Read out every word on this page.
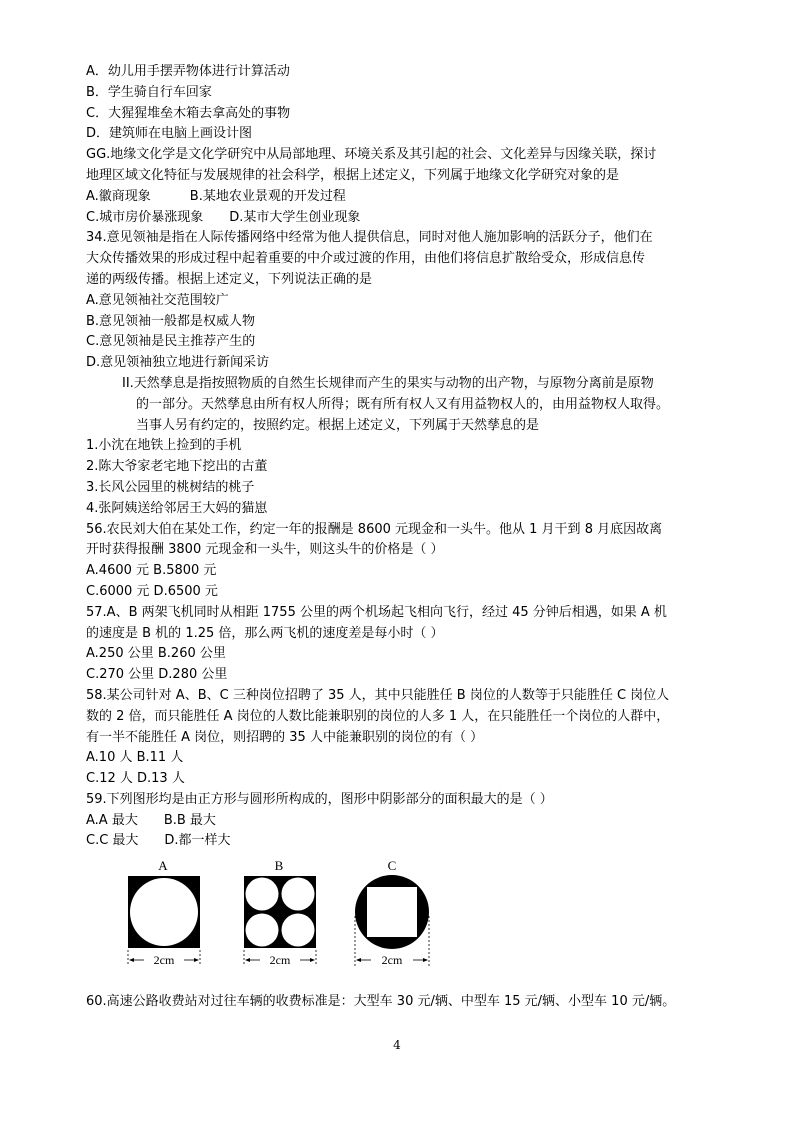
A．幼儿用手摆弄物体进行计算活动
B．学生骑自行车回家
C．大猩猩堆垒木箱去拿高处的事物
D．建筑师在电脑上画设计图
GG.地缘文化学是文化学研究中从局部地理、环境关系及其引起的社会、文化差异与因缘关联，探讨
地理区域文化特征与发展规律的社会科学，根据上述定义，下列属于地缘文化学研究对象的是
A.徽商现象　　　B.某地农业景观的开发过程
C.城市房价暴涨现象　　D.某市大学生创业现象
34.意见领袖是指在人际传播网络中经常为他人提供信息，同时对他人施加影响的活跃分子，他们在
大众传播效果的形成过程中起着重要的中介或过渡的作用，由他们将信息扩散给受众，形成信息传
递的两级传播。根据上述定义，下列说法正确的是
A.意见领袖社交范围较广
B.意见领袖一般都是权威人物
C.意见领袖是民主推荐产生的
D.意见领袖独立地进行新闻采访
II.天然孳息是指按照物质的自然生长规律而产生的果实与动物的出产物，与原物分离前是原物
的一部分。天然孳息由所有权人所得；既有所有权人又有用益物权人的，由用益物权人取得。
当事人另有约定的，按照约定。根据上述定义，下列属于天然孳息的是
1.小沈在地铁上捡到的手机
2.陈大爷家老宅地下挖出的古董
3.长风公园里的桃树结的桃子
4.张阿姨送给邻居王大妈的猫崽
56.农民刘大伯在某处工作，约定一年的报酬是 8600 元现金和一头牛。他从 1 月干到 8 月底因故离
开时获得报酬 3800 元现金和一头牛，则这头牛的价格是（ ）
A.4600 元 B.5800 元
C.6000 元 D.6500 元
57.A、B 两架飞机同时从相距 1755 公里的两个机场起飞相向飞行，经过 45 分钟后相遇，如果 A 机
的速度是 B 机的 1.25 倍，那么两飞机的速度差是每小时（ ）
A.250 公里 B.260 公里
C.270 公里 D.280 公里
58.某公司针对 A、B、C 三种岗位招聘了 35 人，其中只能胜任 B 岗位的人数等于只能胜任 C 岗位人
数的 2 倍，而只能胜任 A 岗位的人数比能兼职别的岗位的人多 1 人，在只能胜任一个岗位的人群中，
有一半不能胜任 A 岗位，则招聘的 35 人中能兼职别的岗位的有（ ）
A.10 人 B.11 人
C.12 人 D.13 人
59.下列图形均是由正方形与圆形所构成的，图形中阴影部分的面积最大的是（ ）
A.A 最大　　B.B 最大
C.C 最大　　D.都一样大
A
2cm
B
2cm
C
2cm
60.高速公路收费站对过往车辆的收费标准是：大型车 30 元/辆、中型车 15 元/辆、小型车 10 元/辆。
4
